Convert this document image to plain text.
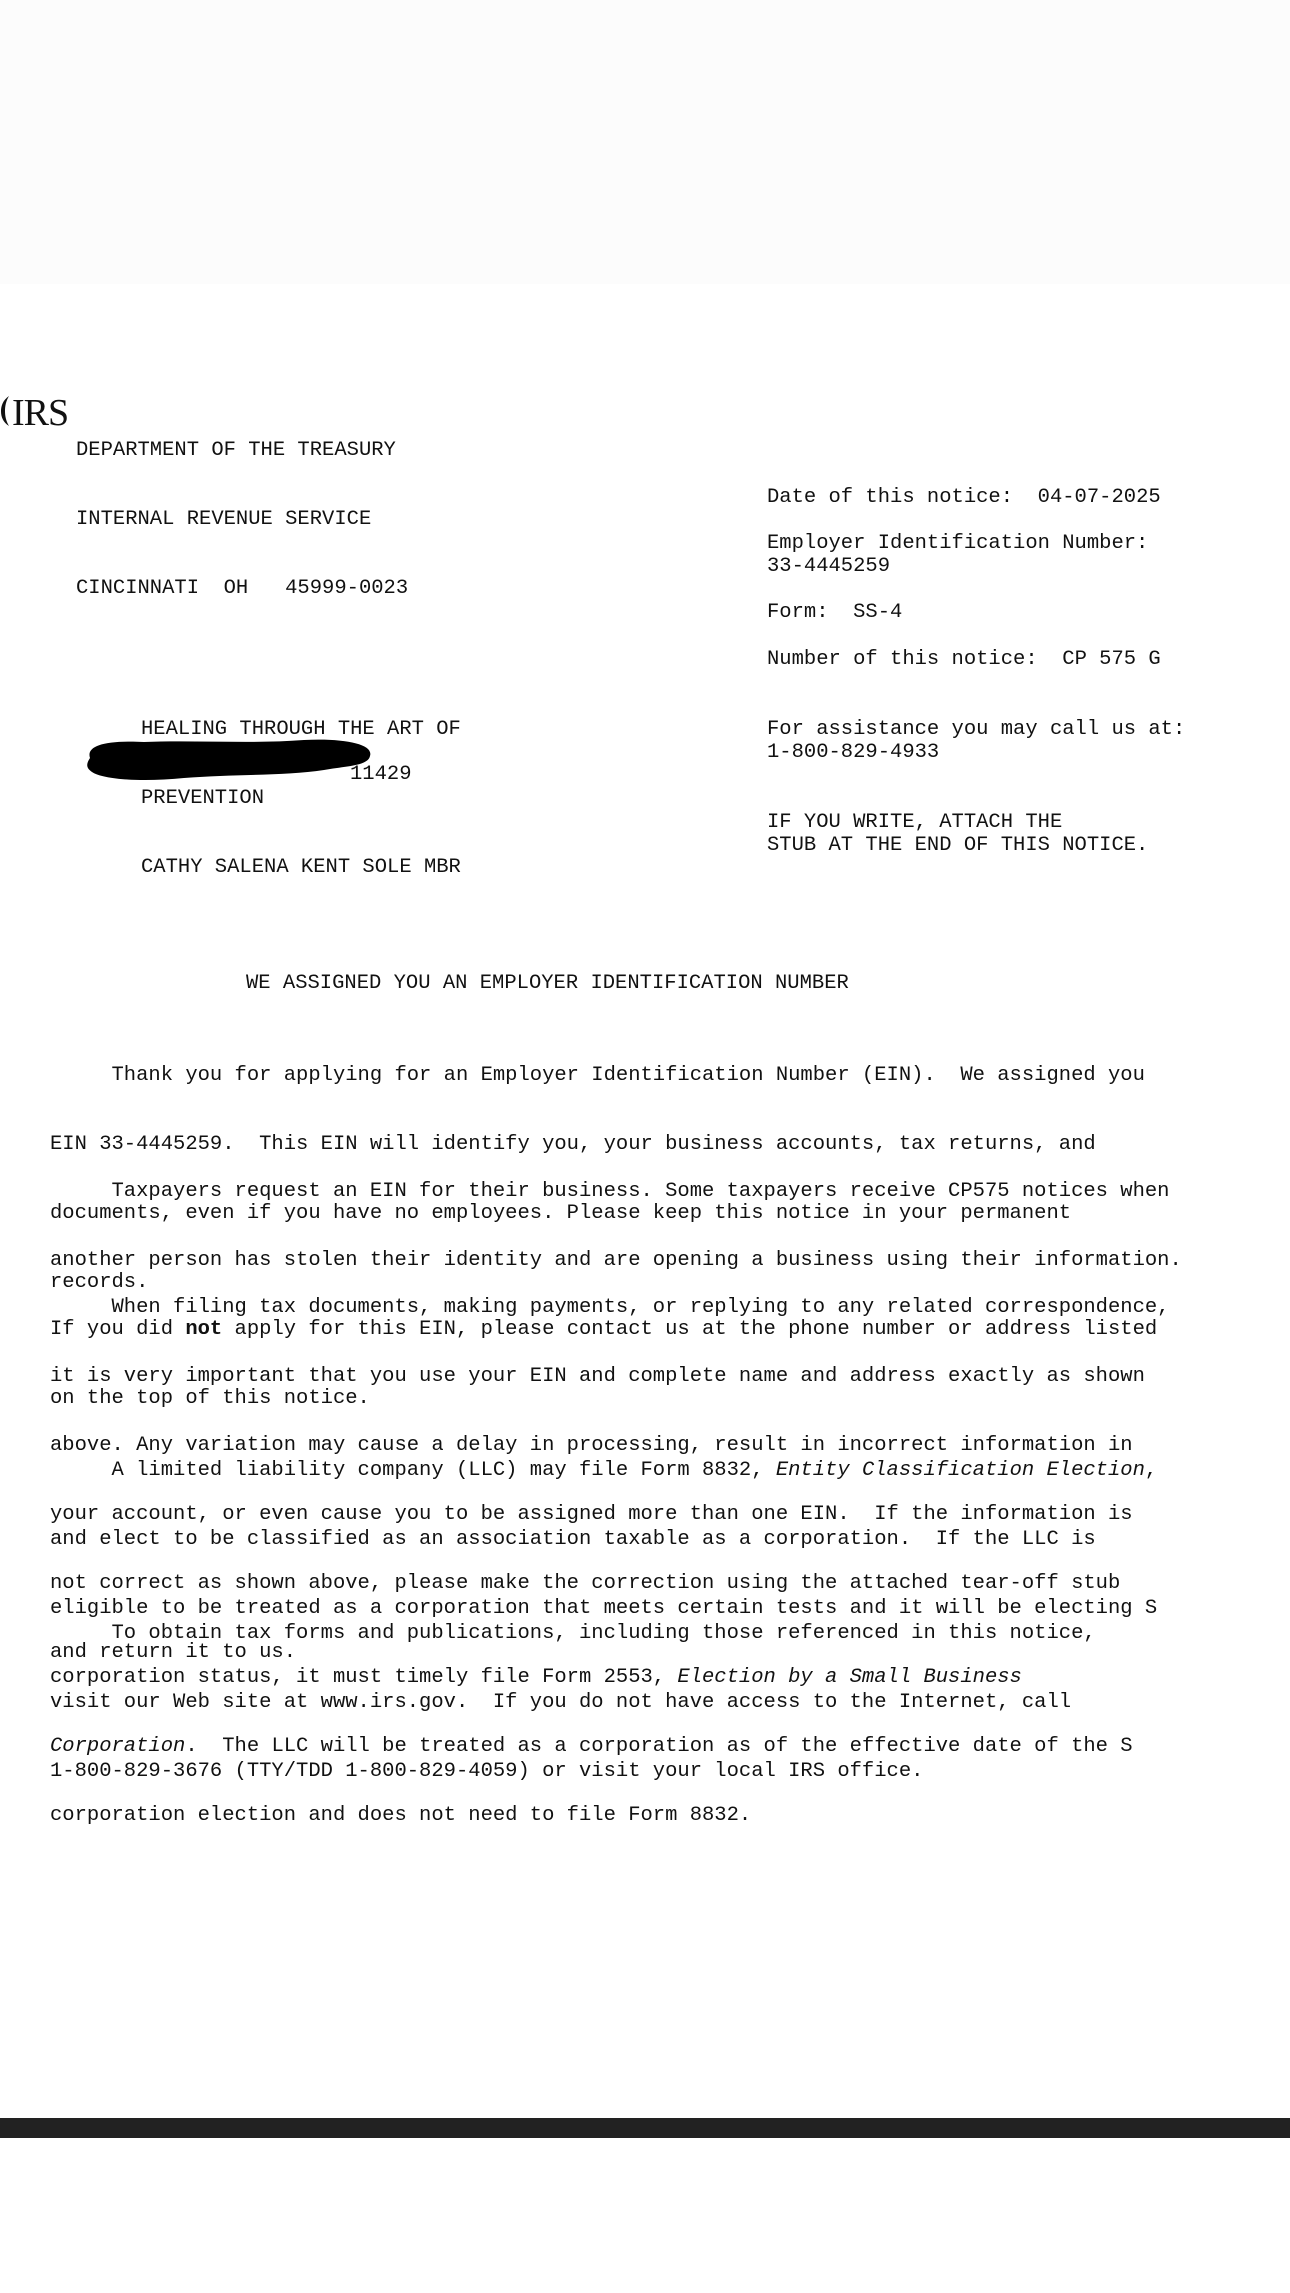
IRS

DEPARTMENT OF THE TREASURY

INTERNAL REVENUE SERVICE

CINCINNATI  OH   45999-0023

Date of this notice: 04-07-2025
Employer Identification Number:
33-4445259
Form: SS-4
Number of this notice: CP 575 G
For assistance you may call us at:
1-800-829-4933
IF YOU WRITE, ATTACH THE
STUB AT THE END OF THIS NOTICE.

HEALING THROUGH THE ART OF

PREVENTION

CATHY SALENA KENT SOLE MBR

11429
WE ASSIGNED YOU AN EMPLOYER IDENTIFICATION NUMBER

Thank you for applying for an Employer Identification Number (EIN).  We assigned you

EIN 33-4445259.  This EIN will identify you, your business accounts, tax returns, and

documents, even if you have no employees. Please keep this notice in your permanent

records.

Taxpayers request an EIN for their business. Some taxpayers receive CP575 notices when

another person has stolen their identity and are opening a business using their information.

If you did not apply for this EIN, please contact us at the phone number or address listed

on the top of this notice.

When filing tax documents, making payments, or replying to any related correspondence,

it is very important that you use your EIN and complete name and address exactly as shown

above. Any variation may cause a delay in processing, result in incorrect information in

your account, or even cause you to be assigned more than one EIN.  If the information is

not correct as shown above, please make the correction using the attached tear-off stub

and return it to us.

A limited liability company (LLC) may file Form 8832, Entity Classification Election,

and elect to be classified as an association taxable as a corporation.  If the LLC is

eligible to be treated as a corporation that meets certain tests and it will be electing S

corporation status, it must timely file Form 2553, Election by a Small Business

Corporation.  The LLC will be treated as a corporation as of the effective date of the S

corporation election and does not need to file Form 8832.

To obtain tax forms and publications, including those referenced in this notice,

visit our Web site at www.irs.gov.  If you do not have access to the Internet, call

1-800-829-3676 (TTY/TDD 1-800-829-4059) or visit your local IRS office.
